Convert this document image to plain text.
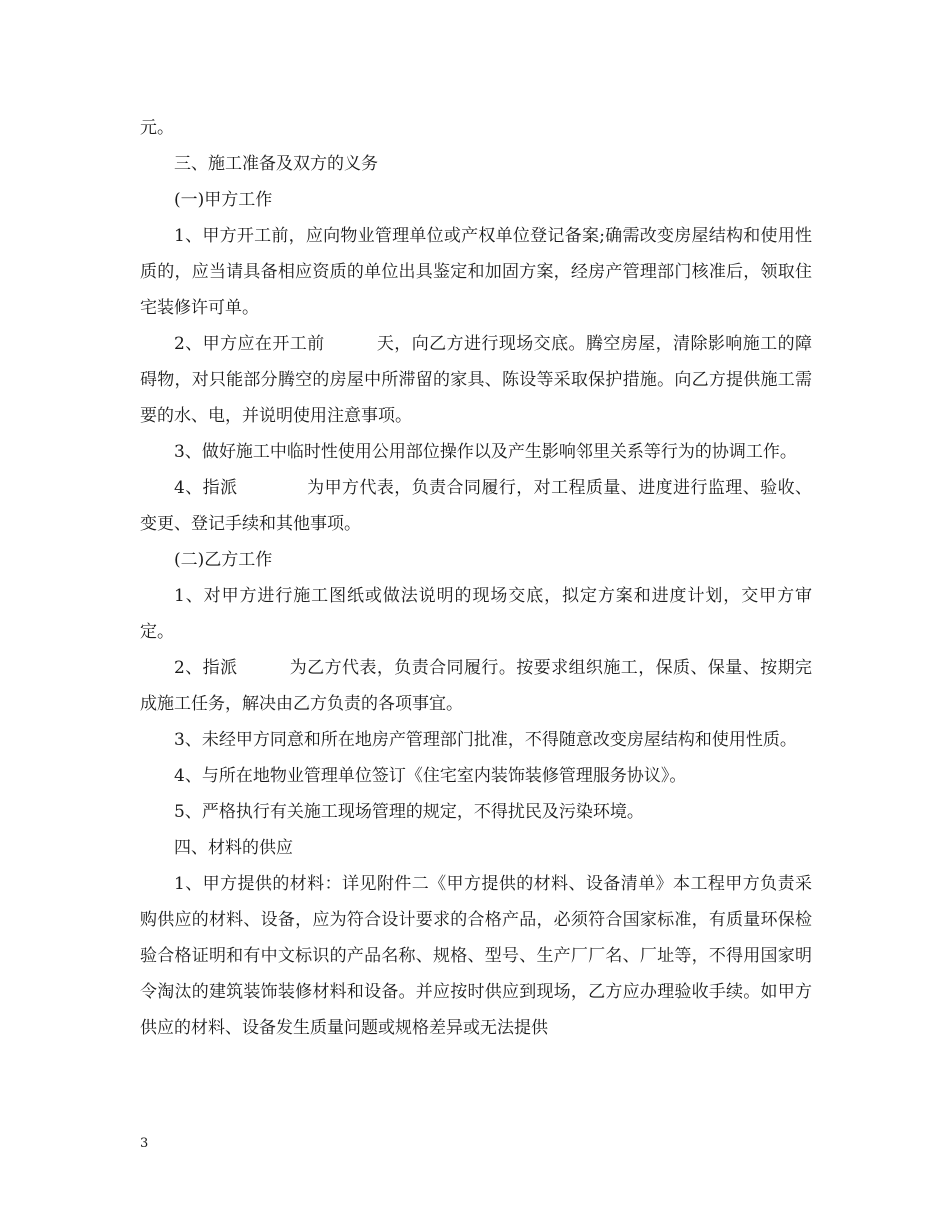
元。

三、施工准备及双方的义务

(一)甲方工作

1、甲方开工前，应向物业管理单位或产权单位登记备案;确需改变房屋结构和使用性质的，应当请具备相应资质的单位出具鉴定和加固方案，经房产管理部门核准后，领取住宅装修许可单。

2、甲方应在开工前　　　天，向乙方进行现场交底。腾空房屋，清除影响施工的障碍物，对只能部分腾空的房屋中所滞留的家具、陈设等采取保护措施。向乙方提供施工需要的水、电，并说明使用注意事项。

3、做好施工中临时性使用公用部位操作以及产生影响邻里关系等行为的协调工作。

4、指派　　　　为甲方代表，负责合同履行，对工程质量、进度进行监理、验收、变更、登记手续和其他事项。

(二)乙方工作

1、对甲方进行施工图纸或做法说明的现场交底，拟定方案和进度计划，交甲方审定。

2、指派　　　为乙方代表，负责合同履行。按要求组织施工，保质、保量、按期完成施工任务，解决由乙方负责的各项事宜。

3、未经甲方同意和所在地房产管理部门批准，不得随意改变房屋结构和使用性质。

4、与所在地物业管理单位签订《住宅室内装饰装修管理服务协议》。

5、严格执行有关施工现场管理的规定，不得扰民及污染环境。

四、材料的供应

1、甲方提供的材料：详见附件二《甲方提供的材料、设备清单》本工程甲方负责采购供应的材料、设备，应为符合设计要求的合格产品，必须符合国家标准，有质量环保检验合格证明和有中文标识的产品名称、规格、型号、生产厂厂名、厂址等，不得用国家明令淘汰的建筑装饰装修材料和设备。并应按时供应到现场，乙方应办理验收手续。如甲方供应的材料、设备发生质量问题或规格差异或无法提供

3
